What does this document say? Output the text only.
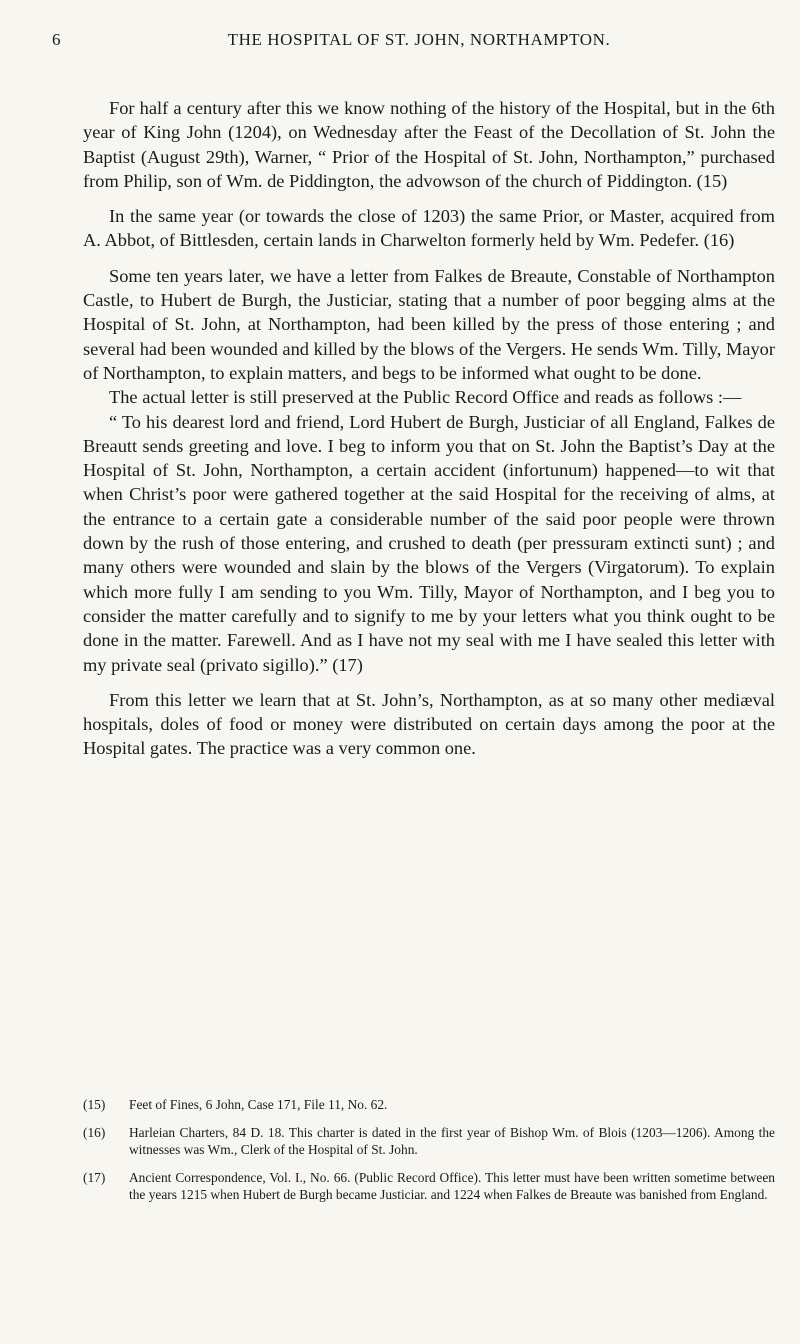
6	THE HOSPITAL OF ST. JOHN, NORTHAMPTON.

For half a century after this we know nothing of the history of the Hospital, but in the 6th year of King John (1204), on Wednesday after the Feast of the Decollation of St. John the Baptist (August 29th), Warner, “ Prior of the Hospital of St. John, Northampton,” purchased from Philip, son of Wm. de Piddington, the advowson of the church of Piddington. (15)

In the same year (or towards the close of 1203) the same Prior, or Master, acquired from A. Abbot, of Bittlesden, certain lands in Charwelton formerly held by Wm. Pedefer. (16)

Some ten years later, we have a letter from Falkes de Breaute, Constable of Northampton Castle, to Hubert de Burgh, the Justiciar, stating that a number of poor begging alms at the Hospital of St. John, at Northampton, had been killed by the press of those entering ; and several had been wounded and killed by the blows of the Vergers. He sends Wm. Tilly, Mayor of Northampton, to explain matters, and begs to be informed what ought to be done.

The actual letter is still preserved at the Public Record Office and reads as follows :—

“ To his dearest lord and friend, Lord Hubert de Burgh, Justiciar of all England, Falkes de Breautt sends greeting and love. I beg to inform you that on St. John the Baptist’s Day at the Hospital of St. John, Northampton, a certain accident (infortunum) happened—to wit that when Christ’s poor were gathered together at the said Hospital for the receiving of alms, at the entrance to a certain gate a considerable number of the said poor people were thrown down by the rush of those entering, and crushed to death (per pressuram extincti sunt) ; and many others were wounded and slain by the blows of the Vergers (Virgatorum). To explain which more fully I am sending to you Wm. Tilly, Mayor of Northampton, and I beg you to consider the matter carefully and to signify to me by your letters what you think ought to be done in the matter. Farewell. And as I have not my seal with me I have sealed this letter with my private seal (privato sigillo).” (17)

From this letter we learn that at St. John’s, Northampton, as at so many other mediæval hospitals, doles of food or money were distributed on certain days among the poor at the Hospital gates. The practice was a very common one.

(15)	Feet of Fines, 6 John, Case 171, File 11, No. 62.
(16)	Harleian Charters, 84 D. 18. This charter is dated in the first year of Bishop Wm. of Blois (1203—1206). Among the witnesses was Wm., Clerk of the Hospital of St. John.
(17)	Ancient Correspondence, Vol. I., No. 66. (Public Record Office). This letter must have been written sometime between the years 1215 when Hubert de Burgh became Justiciar. and 1224 when Falkes de Breaute was banished from England.
